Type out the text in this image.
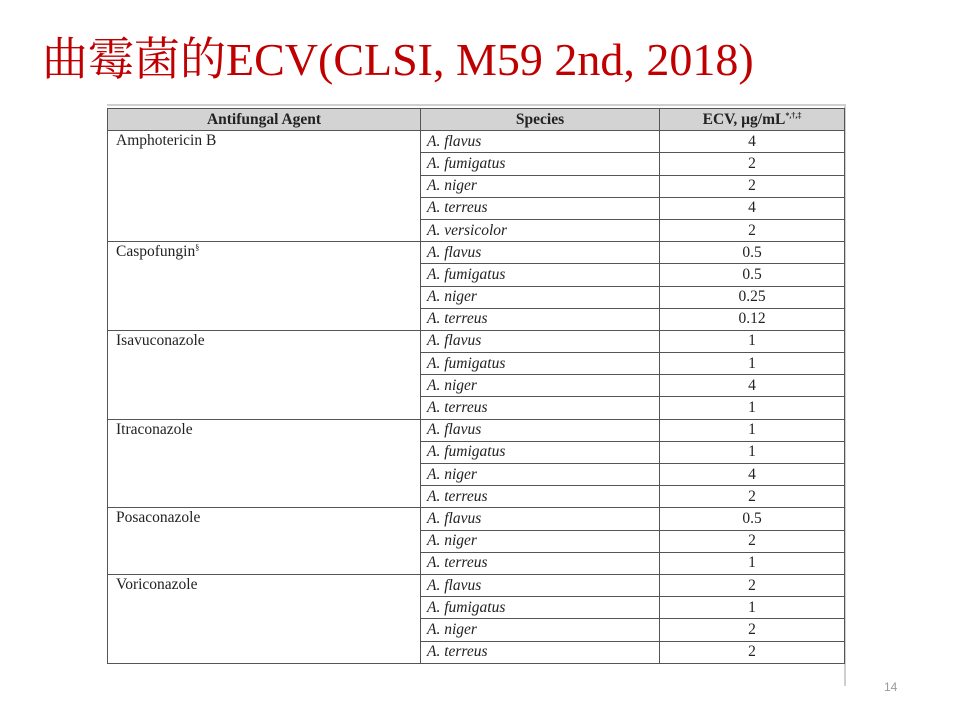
曲霉菌的ECV(CLSI, M59 2nd, 2018)
Antifungal Agent	Species	ECV, µg/mL*,†,‡
Amphotericin B	A. flavus	4
	A. fumigatus	2
	A. niger	2
	A. terreus	4
	A. versicolor	2
Caspofungin§	A. flavus	0.5
	A. fumigatus	0.5
	A. niger	0.25
	A. terreus	0.12
Isavuconazole	A. flavus	1
	A. fumigatus	1
	A. niger	4
	A. terreus	1
Itraconazole	A. flavus	1
	A. fumigatus	1
	A. niger	4
	A. terreus	2
Posaconazole	A. flavus	0.5
	A. niger	2
	A. terreus	1
Voriconazole	A. flavus	2
	A. fumigatus	1
	A. niger	2
	A. terreus	2
14
